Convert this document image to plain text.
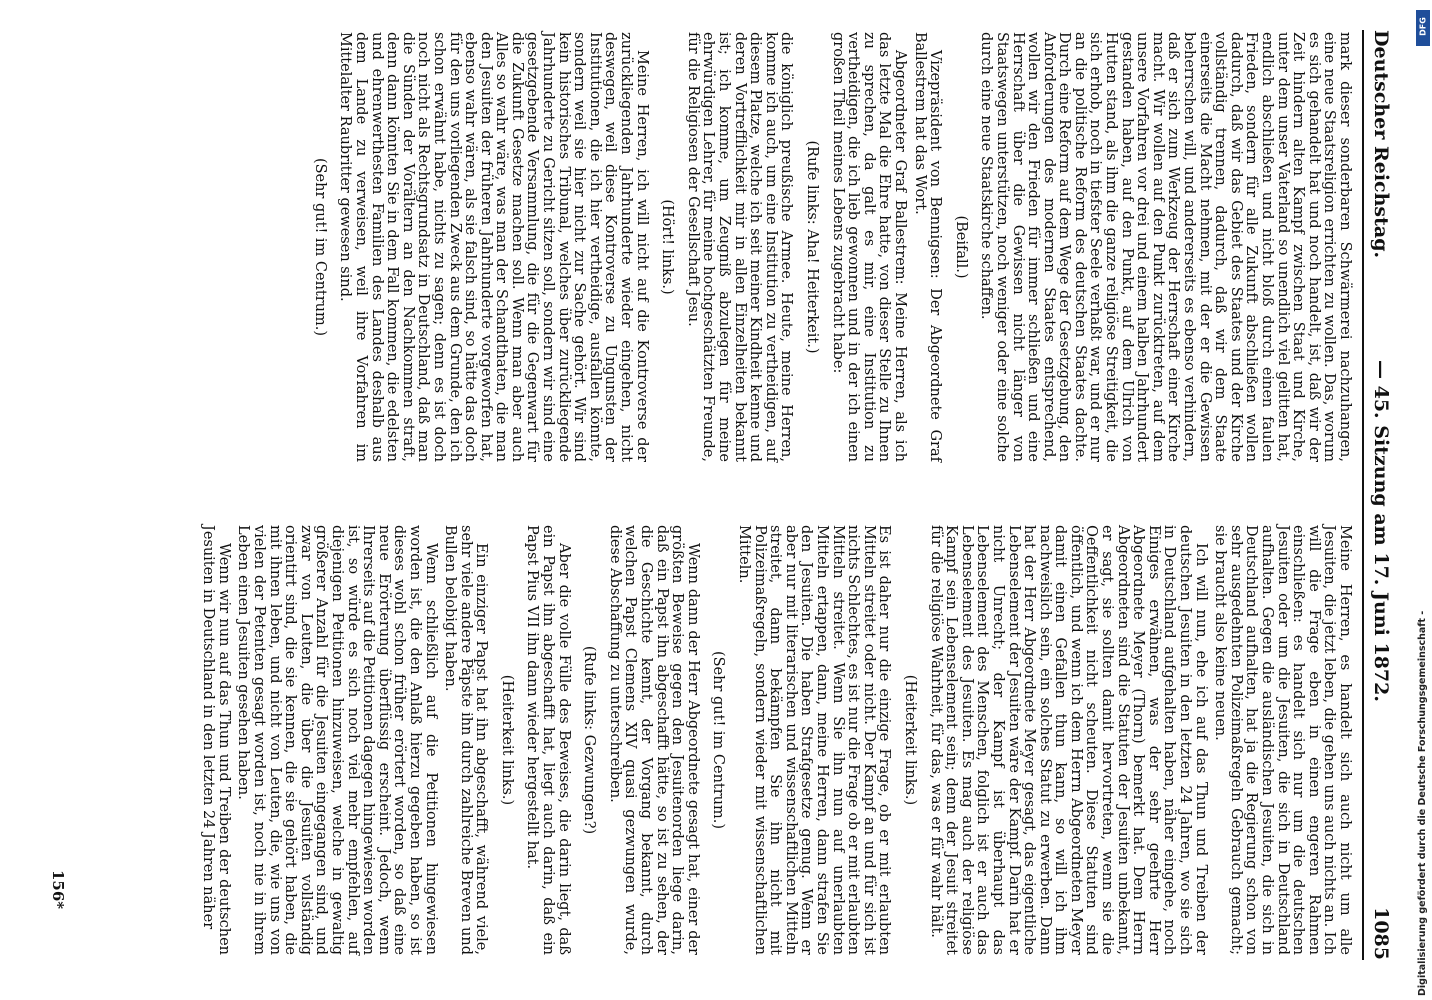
Deutscher Reichstag.
— 45. Sitzung am 17. Juni 1872.
1085

mark dieser sonderbaren Schwärmerei nachzuhangen, eine neue Staatsreligion errichten zu wollen. Das, worum es sich gehandelt hat und noch handelt, ist, daß wir der Zeit hindern alten Kampf zwischen Staat und Kirche, unter dem unser Vaterland so unendlich viel gelitten hat, endlich abschließen und nicht bloß durch einen faulen Frieden, sondern für alle Zukunft abschließen wollen dadurch, daß wir das Gebiet des Staates und der Kirche vollständig trennen, dadurch, daß wir dem Staate einerseits die Macht nehmen, mit der er die Gewissen beherrschen will, und andererseits es ebenso verhindern, daß er sich zum Werkzeug der Herrschaft einer Kirche macht. Wir wollen auf den Punkt zurücktreten, auf dem unsere Vorfahren vor drei und einem halben Jahrhundert gestanden haben, auf den Punkt, auf dem Ulrich von Hutten stand, als ihm die ganze religiöse Streitigkeit, die sich erhob, noch in tiefster Seele verhaßt war, und er nur an die politische Reform des deutschen Staates dachte. Durch eine Reform auf dem Wege der Gesetzgebung, den Anforderungen des modernen Staates entsprechend, wollen wir den Frieden für immer schließen und eine Herrschaft über die Gewissen nicht länger von Staatswegen unterstützen, noch weniger oder eine solche durch eine neue Staatskirche schaffen.

(Beifall.)

Vizepräsident von Bennigsen: Der Abgeordnete Graf Ballestrem hat das Wort.

Abgeordneter Graf Ballestrem: Meine Herren, als ich das letzte Mal die Ehre hatte, von dieser Stelle zu Ihnen zu sprechen, da galt es mir, eine Institution zu vertheidigen, die ich lieb gewonnen und in der ich einen großen Theil meines Lebens zugebracht habe:

(Rufe links: Aha! Heiterkeit.)

die königlich preußische Armee. Heute, meine Herren, komme ich auch, um eine Institution zu vertheidigen, auf diesem Platze, welche ich seit meiner Kindheit kenne und deren Vortrefflichkeit mir in allen Einzelheiten bekannt ist; ich komme, um Zeugniß abzulegen für meine ehrwürdigen Lehrer, für meine hochgeschätzten Freunde, für die Religiosen der Gesellschaft Jesu.

(Hört! links.)

Meine Herren, ich will nicht auf die Kontroverse der zurückliegenden Jahrhunderte wieder eingehen, nicht deswegen, weil diese Kontroverse zu Ungunsten der Institutionen, die ich hier vertheidige, ausfallen könnte, sondern weil sie hier nicht zur Sache gehört. Wir sind kein historisches Tribunal, welches über zurückliegende Jahrhunderte zu Gericht sitzen soll, sondern wir sind eine gesetzgebende Versammlung, die für die Gegenwart für die Zukunft Gesetze machen soll. Wenn man aber auch Alles so wahr wäre, was man der Schandthaten, die man den Jesuiten der früheren Jahrhunderte vorgeworfen hat, ebenso wahr wären, als sie falsch sind, so hätte das doch für den uns vorliegenden Zweck aus dem Grunde, den ich schon erwähnt habe, nichts zu sagen; denn es ist doch noch nicht als Rechtsgrundsatz in Deutschland, daß man die Sünden der Vorältern an den Nachkommen straft, denn dann könnten Sie in dem Fall kommen, die edelsten und ehrenwerthesten Familien des Landes deshalb aus dem Lande zu verweisen, weil ihre Vorfahren im Mittelalter Raubritter gewesen sind.

(Sehr gut! im Centrum.)

Meine Herren, es handelt sich auch nicht um alle Jesuiten, die jetzt leben, die gehen uns auch nichts an. Ich will die Frage eben in einen engeren Rahmen einschließen: es handelt sich nur um die deutschen Jesuiten oder um die Jesuiten, die sich in Deutschland aufhalten. Gegen die ausländischen Jesuiten, die sich in Deutschland aufhalten, hat ja die Regierung schon von sehr ausgedehnten Polizeimaßregeln Gebrauch gemacht; sie braucht also keine neuen.

Ich will nun, ehe ich auf das Thun und Treiben der deutschen Jesuiten in den letzten 24 Jahren, wo sie sich in Deutschland aufgehalten haben, näher eingehe, noch Einiges erwähnen, was der sehr geehrte Herr Abgeordnete Meyer (Thorn) bemerkt hat. Dem Herrn Abgeordneten sind die Statuten der Jesuiten unbekannt, er sagt, sie sollten damit hervortreten, wenn sie die Oeffentlichkeit nicht scheuten. Diese Statuten sind öffentlich, und wenn ich dem Herrn Abgeordneten Meyer damit einen Gefallen thun kann, so will ich ihm nachweislich sein, ein solches Statut zu erwerben. Dann hat der Herr Abgeordnete Meyer gesagt, das eigentliche Lebenselement der Jesuiten wäre der Kampf. Darin hat er nicht Unrecht; der Kampf ist überhaupt das Lebenselement des Menschen, folglich ist er auch das Lebenselement des Jesuiten. Es mag auch der religiöse Kampf sein Lebenselement sein; denn der Jesuit streitet für die religiöse Wahrheit, für das, was er für wahr hält.

(Heiterkeit links.)

Es ist daher nur die einzige Frage, ob er mit erlaubten Mitteln streitet oder nicht. Der Kampf an und für sich ist nichts Schlechtes, es ist nur die Frage ob er mit erlaubten Mitteln streitet. Wenn Sie ihn nun auf unerlaubten Mitteln ertappen, dann, meine Herren, dann strafen Sie den Jesuiten. Die haben Strafgesetze genug. Wenn er aber nur mit literarischen und wissenschaftlichen Mitteln streitet, dann bekämpfen Sie ihn nicht mit Polizeimaßregeln, sondern wieder mit wissenschaftlichen Mitteln.

(Sehr gut! im Centrum.)

Wenn dann der Herr Abgeordnete gesagt hat, einer der größten Beweise gegen den Jesuitenorden liege darin, daß ein Papst ihn abgeschafft hätte, so ist zu sehen, der die Geschichte kennt, der Vorgang bekannt, durch welchen Papst Clemens XIV quasi gezwungen wurde, diese Abschaffung zu unterschreiben.

(Rufe links: Gezwungen?)

Aber die volle Fülle des Beweises, die darin liegt, daß ein Papst ihn abgeschafft hat, liegt auch darin, daß ein Papst Pius VII ihn dann wieder hergestellt hat.

(Heiterkeit links.)

Ein einziger Papst hat ihn abgeschafft, während viele, sehr viele andere Päpste ihn durch zahlreiche Breven und Bullen belobigt haben.

Wenn schließlich auf die Petitionen hingewiesen worden ist, die den Anlaß hierzu gegeben haben, so ist dieses wohl schon früher erörtert worden, so daß eine neue Erörterung überflüssig erscheint. Jedoch, wenn Ihrerseits auf die Petitionen dagegen hingewiesen worden ist, so würde es sich noch viel mehr empfehlen, auf diejenigen Petitionen hinzuweisen, welche in gewaltig größerer Anzahl für die Jesuiten eingegangen sind, und zwar von Leuten, die über die Jesuiten vollständig orientirt sind, die sie kennen, die sie gehört haben, die mit ihnen leben, und nicht von Leuten, die, wie uns von vielen der Petenten gesagt worden ist, noch nie in ihrem Leben einen Jesuiten gesehen haben.

Wenn wir nun auf das Thun und Treiben der deutschen Jesuiten in Deutschland in den letzten 24 Jahren näher

156*	Digitalisierung gefördert durch die Deutsche Forschungsgemeinschaft -
DFG
